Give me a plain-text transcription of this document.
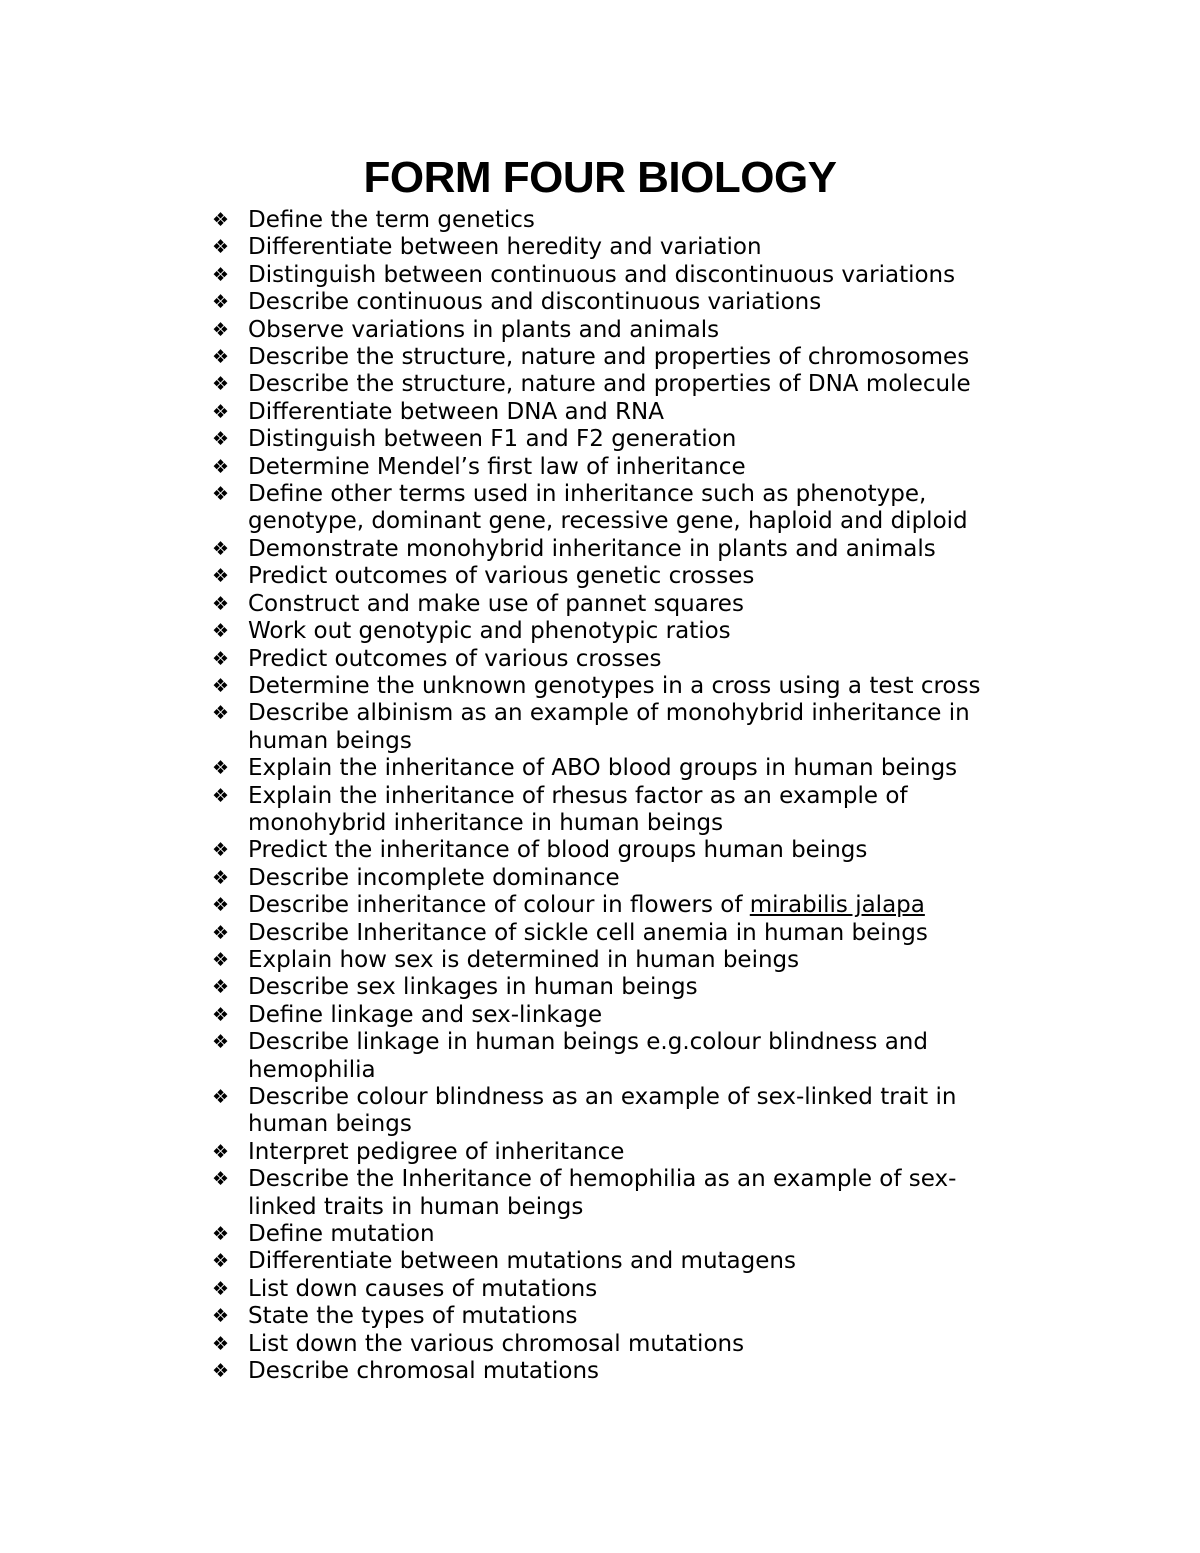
FORM FOUR BIOLOGY
❖ Define the term genetics
❖ Differentiate between heredity and variation
❖ Distinguish between continuous and discontinuous variations
❖ Describe continuous and discontinuous variations
❖ Observe variations in plants and animals
❖ Describe the structure, nature and properties of chromosomes
❖ Describe the structure, nature and properties of DNA molecule
❖ Differentiate between DNA and RNA
❖ Distinguish between F1 and F2 generation
❖ Determine Mendel’s first law of inheritance
❖ Define other terms used in inheritance such as phenotype, genotype, dominant gene, recessive gene, haploid and diploid
❖ Demonstrate monohybrid inheritance in plants and animals
❖ Predict outcomes of various genetic crosses
❖ Construct and make use of pannet squares
❖ Work out genotypic and phenotypic ratios
❖ Predict outcomes of various crosses
❖ Determine the unknown genotypes in a cross using a test cross
❖ Describe albinism as an example of monohybrid inheritance in human beings
❖ Explain the inheritance of ABO blood groups in human beings
❖ Explain the inheritance of rhesus factor as an example of monohybrid inheritance in human beings
❖ Predict the inheritance of blood groups human beings
❖ Describe incomplete dominance
❖ Describe inheritance of colour in flowers of mirabilis jalapa
❖ Describe Inheritance of sickle cell anemia in human beings
❖ Explain how sex is determined in human beings
❖ Describe sex linkages in human beings
❖ Define linkage and sex-linkage
❖ Describe linkage in human beings e.g.colour blindness and hemophilia
❖ Describe colour blindness as an example of sex-linked trait in human beings
❖ Interpret pedigree of inheritance
❖ Describe the Inheritance of hemophilia as an example of sex-linked traits in human beings
❖ Define mutation
❖ Differentiate between mutations and mutagens
❖ List down causes of mutations
❖ State the types of mutations
❖ List down the various chromosal mutations
❖ Describe chromosal mutations
